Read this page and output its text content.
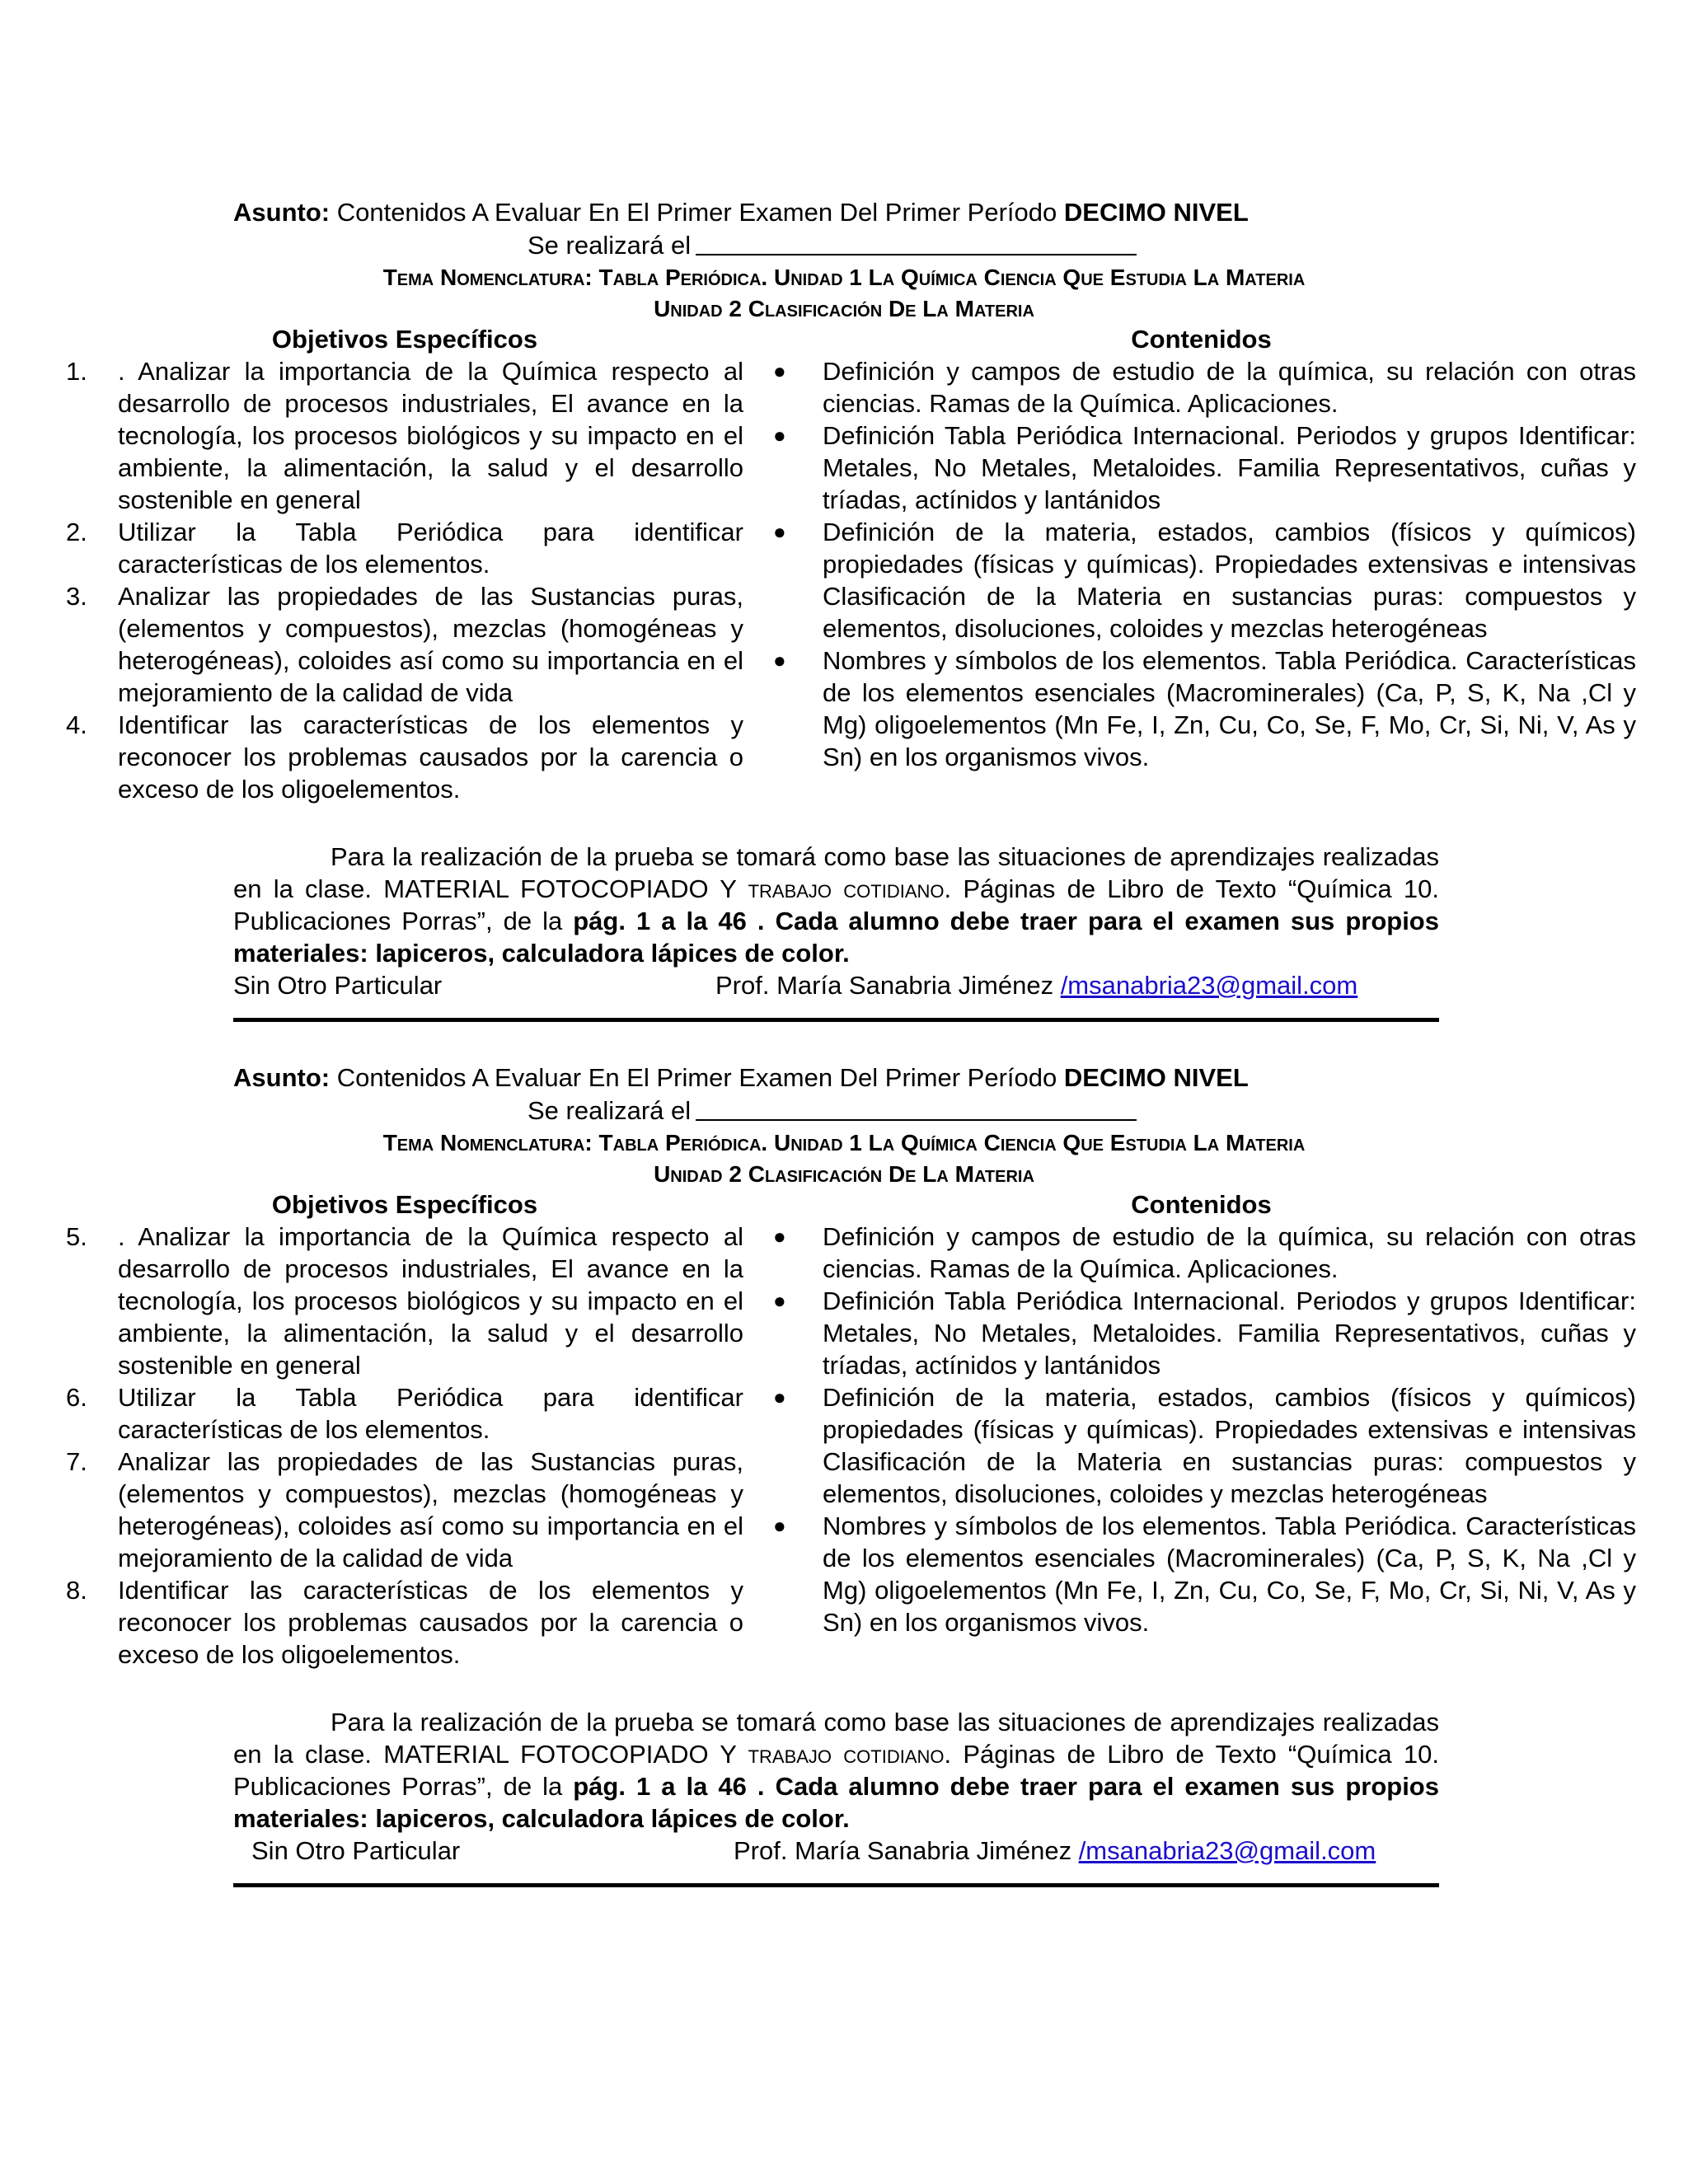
Asunto: Contenidos A Evaluar En El Primer Examen Del Primer Período DECIMO NIVEL
Se realizará el
Tema Nomenclatura: Tabla Periódica. Unidad 1 La Química Ciencia Que Estudia La Materia
Unidad 2 Clasificación De La Materia
Objetivos Específicos
1. . Analizar la importancia de la Química respecto al desarrollo de procesos industriales, El avance en la tecnología, los procesos biológicos y su impacto en el ambiente, la alimentación, la salud y el desarrollo sostenible en general
2. Utilizar la Tabla Periódica para identificar características de los elementos.
3. Analizar las propiedades de las Sustancias puras, (elementos y compuestos), mezclas (homogéneas y heterogéneas), coloides así como su importancia en el mejoramiento de la calidad de vida
4. Identificar las características de los elementos y reconocer los problemas causados por la carencia o exceso de los oligoelementos.
Contenidos
● Definición y campos de estudio de la química, su relación con otras ciencias. Ramas de la Química. Aplicaciones.
● Definición Tabla Periódica Internacional. Periodos y grupos Identificar: Metales, No Metales, Metaloides. Familia Representativos, cuñas y tríadas, actínidos y lantánidos
● Definición de la materia, estados, cambios (físicos y químicos) propiedades (físicas y químicas). Propiedades extensivas e intensivas Clasificación de la Materia en sustancias puras: compuestos y elementos, disoluciones, coloides y mezclas heterogéneas
● Nombres y símbolos de los elementos. Tabla Periódica. Características de los elementos esenciales (Macrominerales) (Ca, P, S, K, Na ,Cl y Mg) oligoelementos (Mn Fe, I, Zn, Cu, Co, Se, F, Mo, Cr, Si, Ni, V, As y Sn) en los organismos vivos.

Para la realización de la prueba se tomará como base las situaciones de aprendizajes realizadas en la clase. MATERIAL FOTOCOPIADO Y trabajo cotidiano. Páginas de Libro de Texto “Química 10. Publicaciones Porras”, de la pág. 1 a la 46 . Cada alumno debe traer para el examen sus propios materiales: lapiceros, calculadora lápices de color.

Sin Otro Particular	Prof. María Sanabria Jiménez /msanabria23@gmail.com
Asunto: Contenidos A Evaluar En El Primer Examen Del Primer Período DECIMO NIVEL
Se realizará el
Tema Nomenclatura: Tabla Periódica. Unidad 1 La Química Ciencia Que Estudia La Materia
Unidad 2 Clasificación De La Materia
Objetivos Específicos
5. . Analizar la importancia de la Química respecto al desarrollo de procesos industriales, El avance en la tecnología, los procesos biológicos y su impacto en el ambiente, la alimentación, la salud y el desarrollo sostenible en general
6. Utilizar la Tabla Periódica para identificar características de los elementos.
7. Analizar las propiedades de las Sustancias puras, (elementos y compuestos), mezclas (homogéneas y heterogéneas), coloides así como su importancia en el mejoramiento de la calidad de vida
8. Identificar las características de los elementos y reconocer los problemas causados por la carencia o exceso de los oligoelementos.
Contenidos
● Definición y campos de estudio de la química, su relación con otras ciencias. Ramas de la Química. Aplicaciones.
● Definición Tabla Periódica Internacional. Periodos y grupos Identificar: Metales, No Metales, Metaloides. Familia Representativos, cuñas y tríadas, actínidos y lantánidos
● Definición de la materia, estados, cambios (físicos y químicos) propiedades (físicas y químicas). Propiedades extensivas e intensivas Clasificación de la Materia en sustancias puras: compuestos y elementos, disoluciones, coloides y mezclas heterogéneas
● Nombres y símbolos de los elementos. Tabla Periódica. Características de los elementos esenciales (Macrominerales) (Ca, P, S, K, Na ,Cl y Mg) oligoelementos (Mn Fe, I, Zn, Cu, Co, Se, F, Mo, Cr, Si, Ni, V, As y Sn) en los organismos vivos.

Para la realización de la prueba se tomará como base las situaciones de aprendizajes realizadas en la clase. MATERIAL FOTOCOPIADO Y trabajo cotidiano. Páginas de Libro de Texto “Química 10. Publicaciones Porras”, de la pág. 1 a la 46 . Cada alumno debe traer para el examen sus propios materiales: lapiceros, calculadora lápices de color.

Sin Otro Particular	Prof. María Sanabria Jiménez /msanabria23@gmail.com
